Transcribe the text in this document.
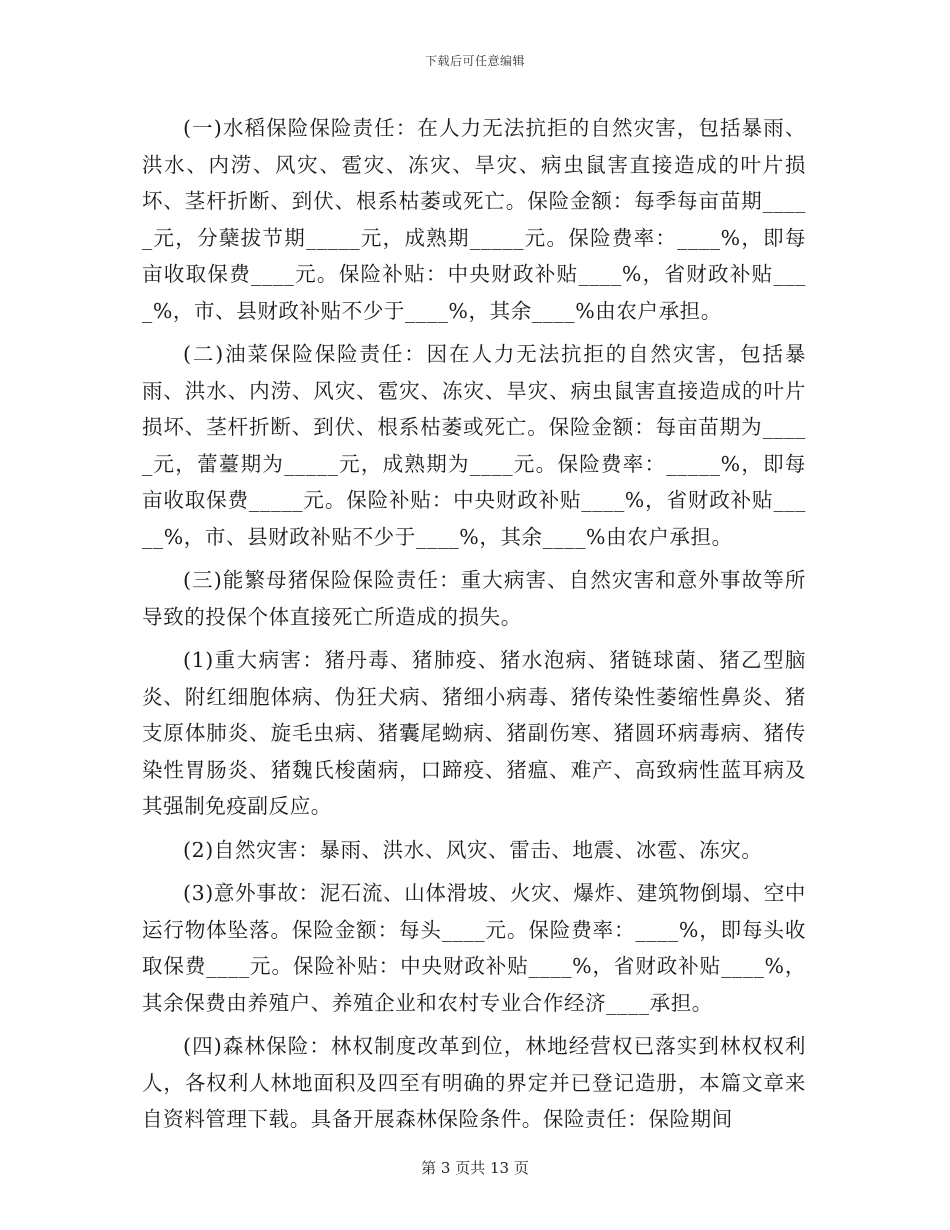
下载后可任意编辑

(一)水稻保险保险责任：在人力无法抗拒的自然灾害，包括暴雨、洪水、内涝、风灾、雹灾、冻灾、旱灾、病虫鼠害直接造成的叶片损坏、茎杆折断、到伏、根系枯萎或死亡。保险金额：每季每亩苗期_____元，分蘖拔节期_____元，成熟期_____元。保险费率：____%，即每亩收取保费____元。保险补贴：中央财政补贴____%，省财政补贴____%，市、县财政补贴不少于____%，其余____%由农户承担。

(二)油菜保险保险责任：因在人力无法抗拒的自然灾害，包括暴雨、洪水、内涝、风灾、雹灾、冻灾、旱灾、病虫鼠害直接造成的叶片损坏、茎杆折断、到伏、根系枯萎或死亡。保险金额：每亩苗期为_____元，蕾薹期为_____元，成熟期为____元。保险费率：_____%，即每亩收取保费_____元。保险补贴：中央财政补贴____%，省财政补贴_____%，市、县财政补贴不少于____%，其余____%由农户承担。

(三)能繁母猪保险保险责任：重大病害、自然灾害和意外事故等所导致的投保个体直接死亡所造成的损失。

(1)重大病害：猪丹毒、猪肺疫、猪水泡病、猪链球菌、猪乙型脑炎、附红细胞体病、伪狂犬病、猪细小病毒、猪传染性萎缩性鼻炎、猪支原体肺炎、旋毛虫病、猪囊尾蚴病、猪副伤寒、猪圆环病毒病、猪传染性胃肠炎、猪魏氏梭菌病，口蹄疫、猪瘟、难产、高致病性蓝耳病及其强制免疫副反应。

(2)自然灾害：暴雨、洪水、风灾、雷击、地震、冰雹、冻灾。

(3)意外事故：泥石流、山体滑坡、火灾、爆炸、建筑物倒塌、空中运行物体坠落。保险金额：每头____元。保险费率：____%，即每头收取保费____元。保险补贴：中央财政补贴____%，省财政补贴____%，其余保费由养殖户、养殖企业和农村专业合作经济____承担。

(四)森林保险：林权制度改革到位，林地经营权已落实到林权权利人，各权利人林地面积及四至有明确的界定并已登记造册，本篇文章来自资料管理下载。具备开展森林保险条件。保险责任：保险期间

第 3 页共 13 页
